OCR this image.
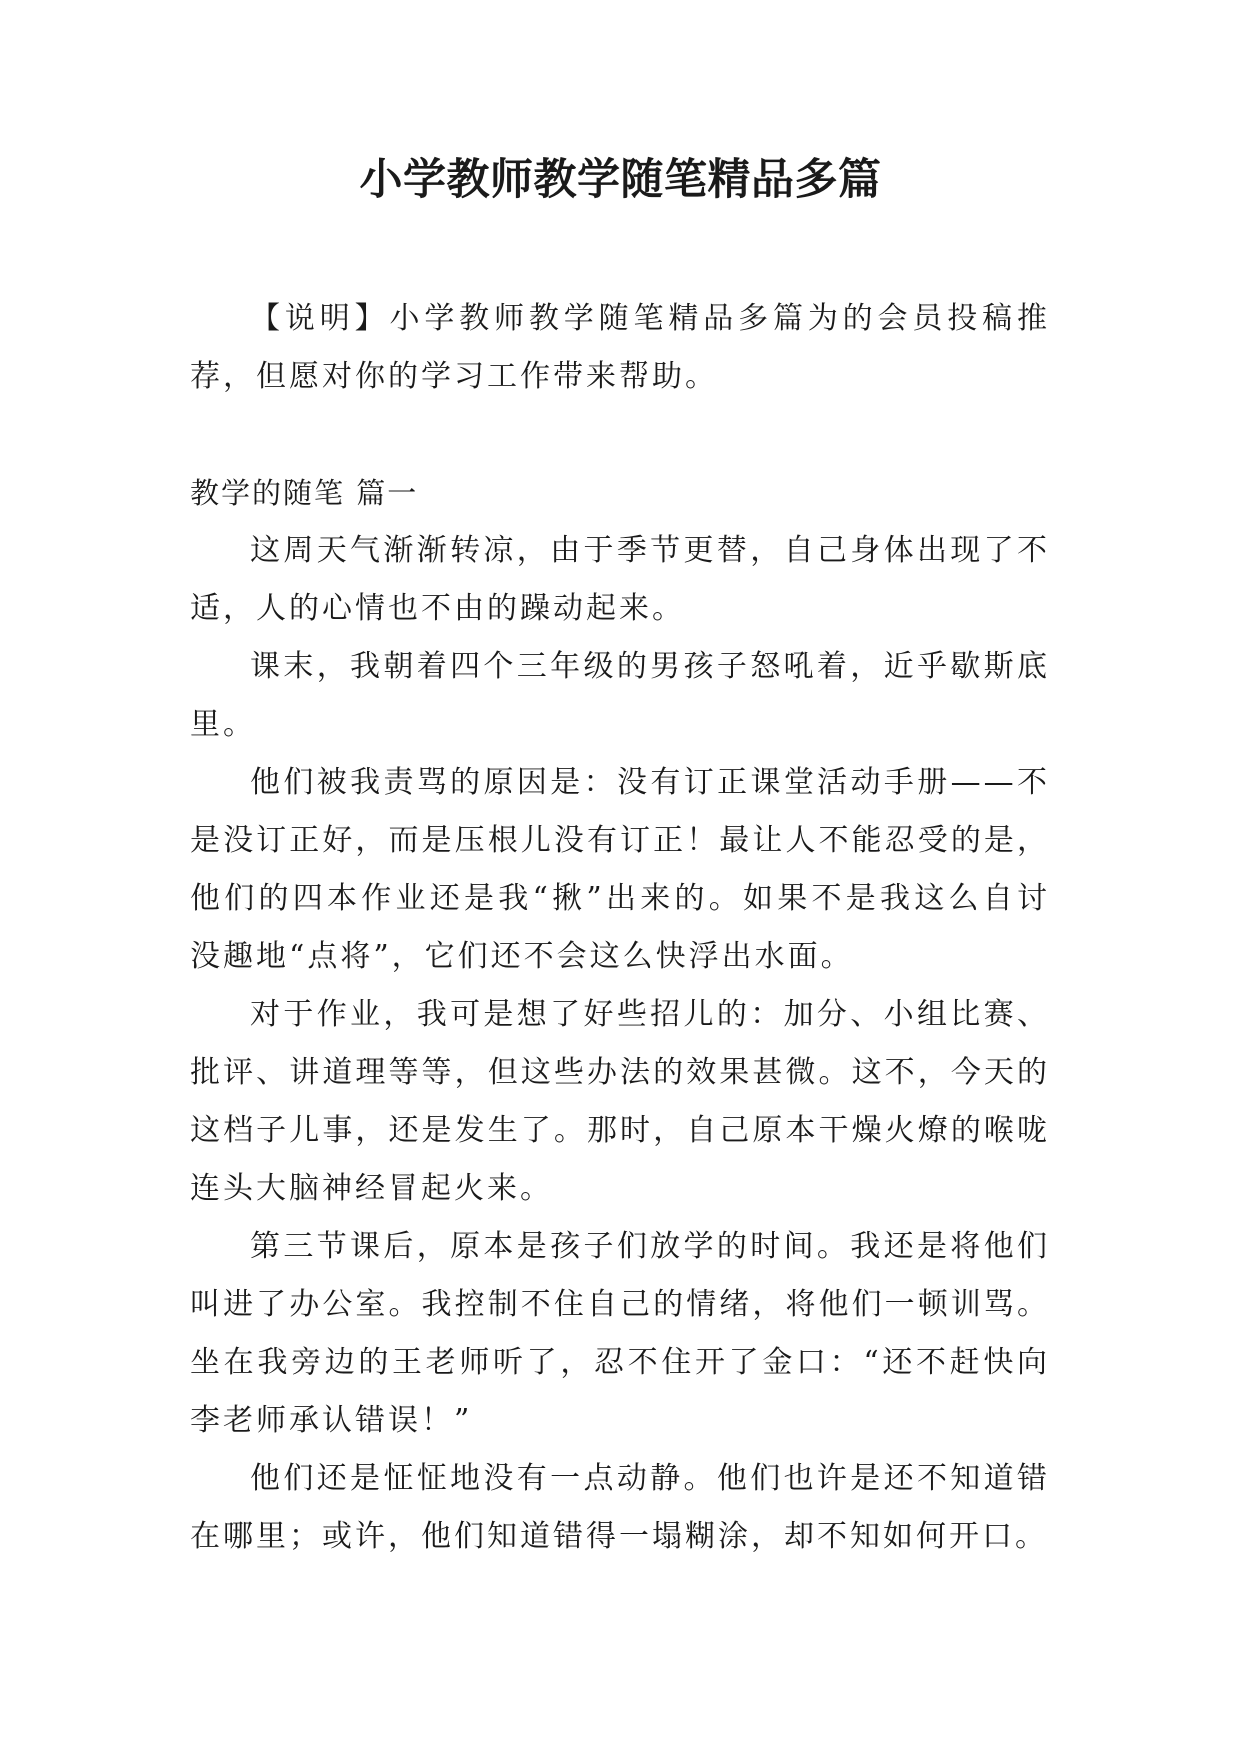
小学教师教学随笔精品多篇

【说明】小学教师教学随笔精品多篇为的会员投稿推荐，但愿对你的学习工作带来帮助。

教学的随笔 篇一

这周天气渐渐转凉，由于季节更替，自己身体出现了不适，人的心情也不由的躁动起来。

课末，我朝着四个三年级的男孩子怒吼着，近乎歇斯底里。

他们被我责骂的原因是：没有订正课堂活动手册——不是没订正好，而是压根儿没有订正！最让人不能忍受的是，他们的四本作业还是我“揪”出来的。如果不是我这么自讨没趣地“点将”，它们还不会这么快浮出水面。

对于作业，我可是想了好些招儿的：加分、小组比赛、批评、讲道理等等，但这些办法的效果甚微。这不，今天的这档子儿事，还是发生了。那时，自己原本干燥火燎的喉咙连头大脑神经冒起火来。

第三节课后，原本是孩子们放学的时间。我还是将他们叫进了办公室。我控制不住自己的情绪，将他们一顿训骂。坐在我旁边的王老师听了，忍不住开了金口：“还不赶快向李老师承认错误！”

他们还是怔怔地没有一点动静。他们也许是还不知道错在哪里；或许，他们知道错得一塌糊涂，却不知如何开口。
